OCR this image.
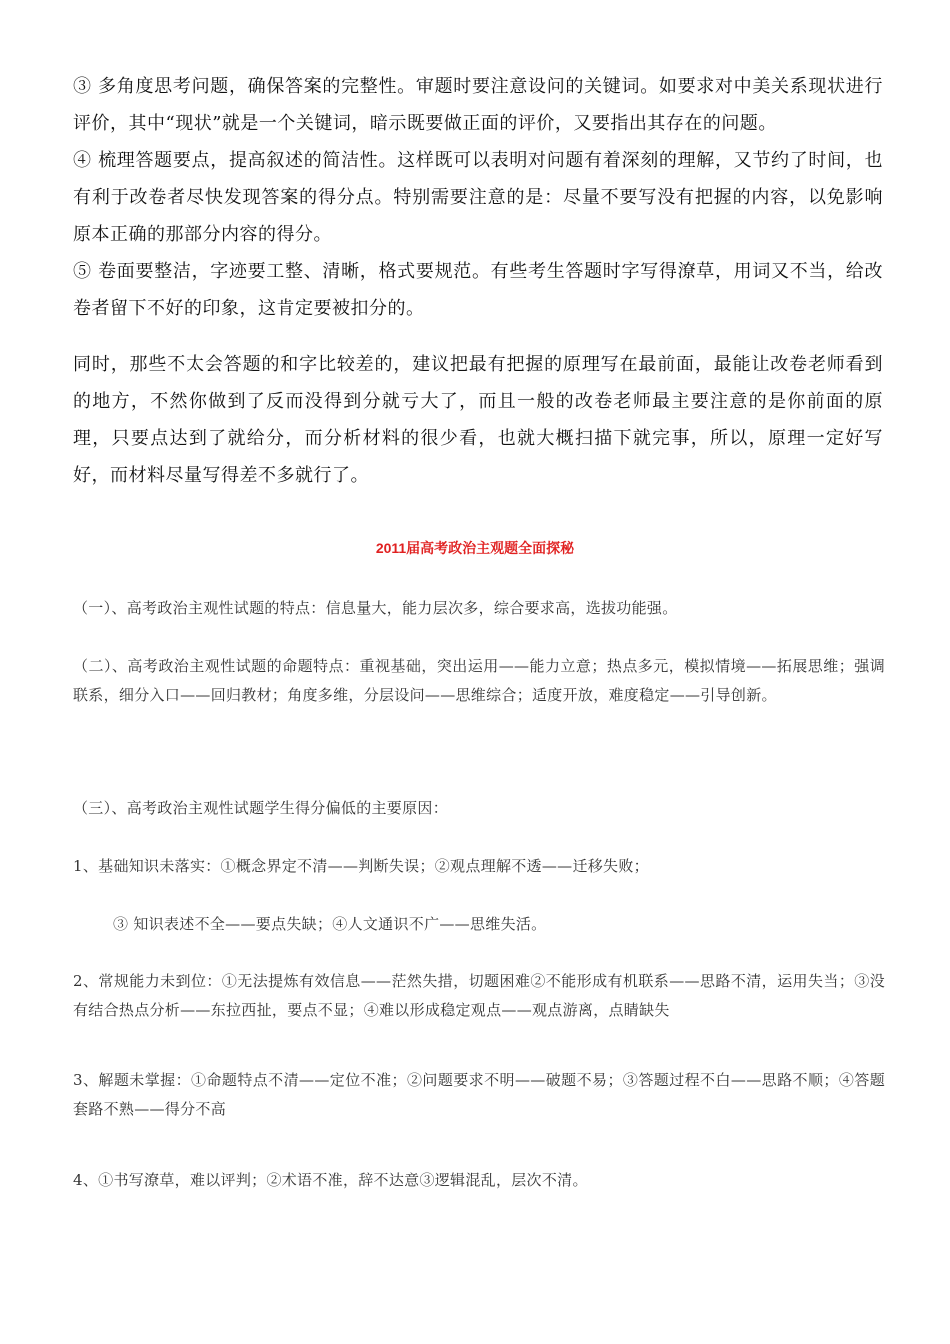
③ 多角度思考问题，确保答案的完整性。审题时要注意设问的关键词。如要求对中美关系现状进行评价，其中“现状”就是一个关键词，暗示既要做正面的评价，又要指出其存在的问题。

④ 梳理答题要点，提高叙述的简洁性。这样既可以表明对问题有着深刻的理解，又节约了时间，也有利于改卷者尽快发现答案的得分点。特别需要注意的是：尽量不要写没有把握的内容，以免影响原本正确的那部分内容的得分。

⑤ 卷面要整洁，字迹要工整、清晰，格式要规范。有些考生答题时字写得潦草，用词又不当，给改卷者留下不好的印象，这肯定要被扣分的。

同时，那些不太会答题的和字比较差的，建议把最有把握的原理写在最前面，最能让改卷老师看到的地方，不然你做到了反而没得到分就亏大了，而且一般的改卷老师最主要注意的是你前面的原理，只要点达到了就给分，而分析材料的很少看，也就大概扫描下就完事，所以，原理一定好写好，而材料尽量写得差不多就行了。

2011届高考政治主观题全面探秘

（一）、高考政治主观性试题的特点：信息量大，能力层次多，综合要求高，选拔功能强。

（二）、高考政治主观性试题的命题特点：重视基础，突出运用——能力立意；热点多元，模拟情境——拓展思维；强调联系，细分入口——回归教材；角度多维，分层设问——思维综合；适度开放，难度稳定——引导创新。

（三）、高考政治主观性试题学生得分偏低的主要原因：

1、基础知识未落实：①概念界定不清——判断失误；②观点理解不透——迁移失败；

③ 知识表述不全——要点失缺；④人文通识不广——思维失活。

2、常规能力未到位：①无法提炼有效信息——茫然失措，切题困难②不能形成有机联系——思路不清，运用失当；③没有结合热点分析——东拉西扯，要点不显；④难以形成稳定观点——观点游离，点睛缺失

3、解题未掌握：①命题特点不清——定位不准；②问题要求不明——破题不易；③答题过程不白——思路不顺；④答题套路不熟——得分不高

4、①书写潦草，难以评判；②术语不准，辞不达意③逻辑混乱，层次不清。
